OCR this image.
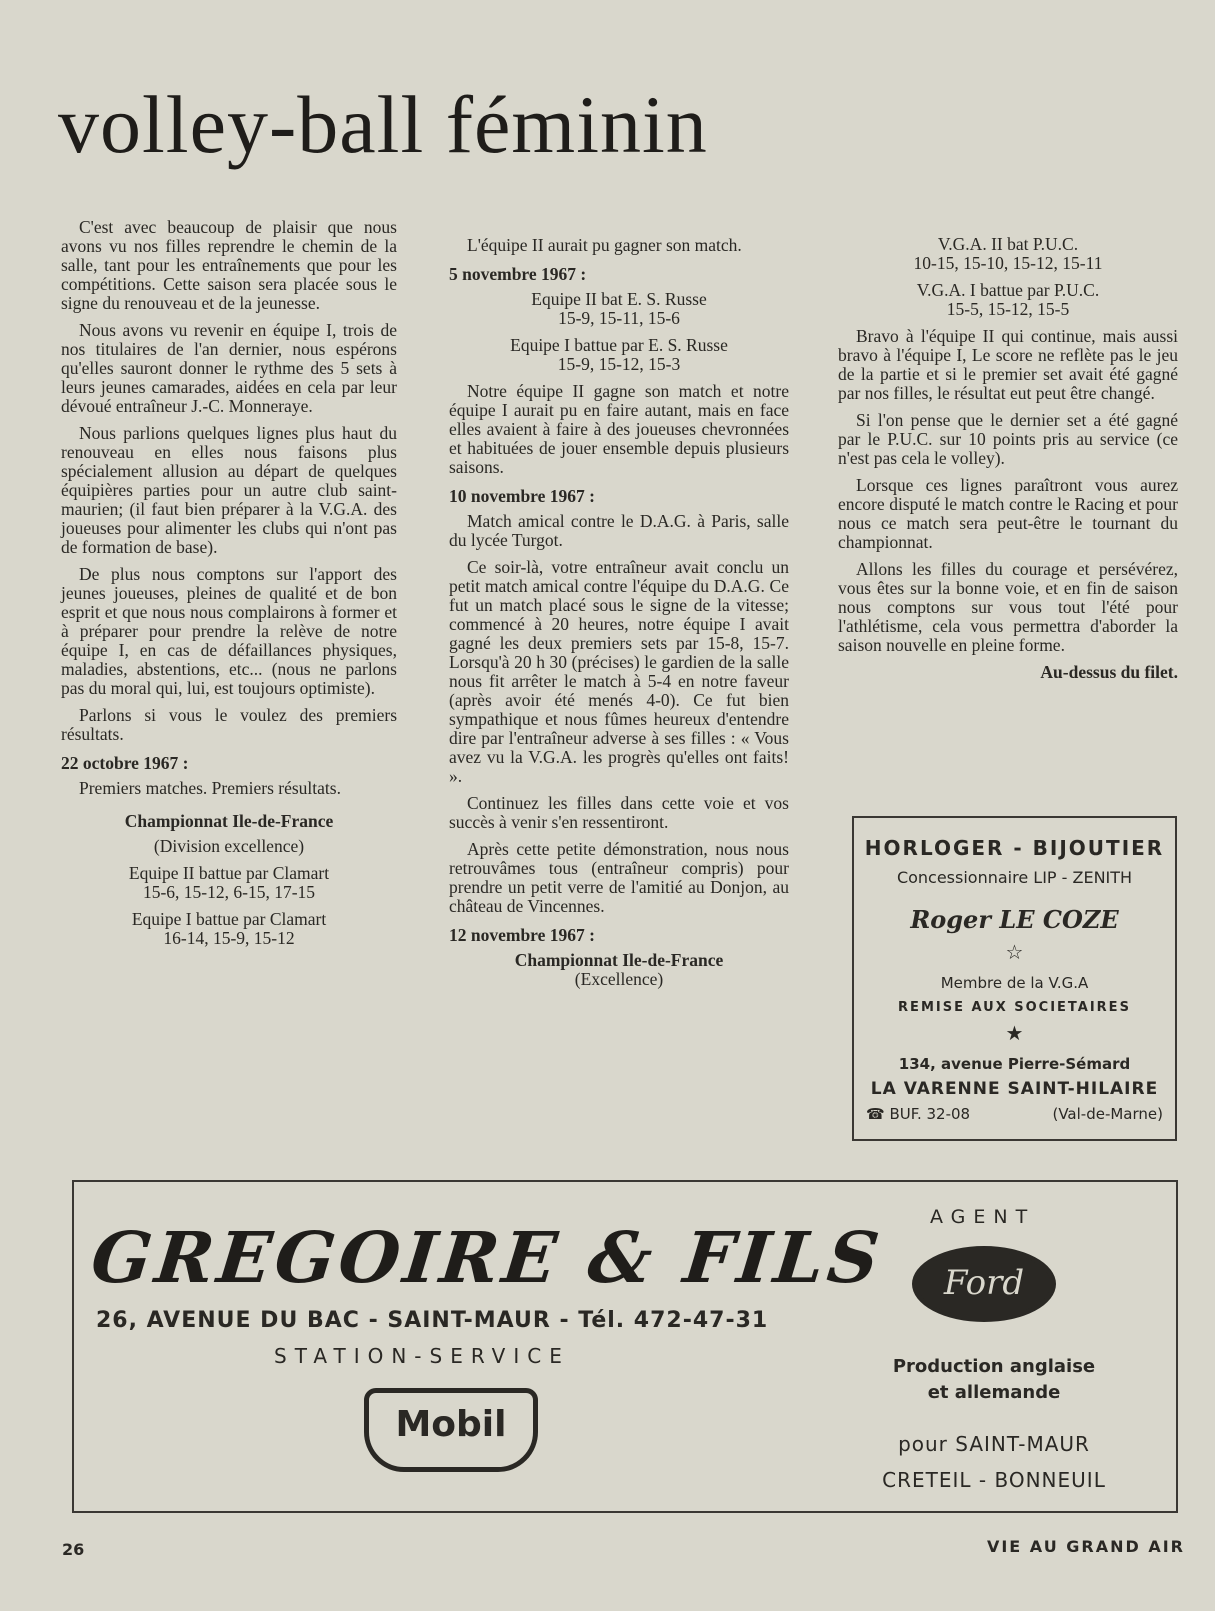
volley-ball féminin

C'est avec beaucoup de plaisir que nous avons vu nos filles reprendre le chemin de la salle, tant pour les entraînements que pour les compétitions. Cette saison sera placée sous le signe du renouveau et de la jeunesse.

Nous avons vu revenir en équipe I, trois de nos titulaires de l'an dernier, nous espérons qu'elles sauront donner le rythme des 5 sets à leurs jeunes camarades, aidées en cela par leur dévoué entraîneur J.-C. Monneraye.

Nous parlions quelques lignes plus haut du renouveau en elles nous faisons plus spécialement allusion au départ de quelques équipières parties pour un autre club saint-maurien; (il faut bien préparer à la V.G.A. des joueuses pour alimenter les clubs qui n'ont pas de formation de base).

De plus nous comptons sur l'apport des jeunes joueuses, pleines de qualité et de bon esprit et que nous nous complairons à former et à préparer pour prendre la relève de notre équipe I, en cas de défaillances physiques, maladies, abstentions, etc... (nous ne parlons pas du moral qui, lui, est toujours optimiste).

Parlons si vous le voulez des premiers résultats.

22 octobre 1967 :

Premiers matches. Premiers résultats.

Championnat Ile-de-France

(Division excellence)

Equipe II battue par Clamart

15-6, 15-12, 6-15, 17-15

Equipe I battue par Clamart

16-14, 15-9, 15-12

L'équipe II aurait pu gagner son match.

5 novembre 1967 :

Equipe II bat E. S. Russe

15-9, 15-11, 15-6

Equipe I battue par E. S. Russe

15-9, 15-12, 15-3

Notre équipe II gagne son match et notre équipe I aurait pu en faire autant, mais en face elles avaient à faire à des joueuses chevronnées et habituées de jouer ensemble depuis plusieurs saisons.

10 novembre 1967 :

Match amical contre le D.A.G. à Paris, salle du lycée Turgot.

Ce soir-là, votre entraîneur avait conclu un petit match amical contre l'équipe du D.A.G. Ce fut un match placé sous le signe de la vitesse; commencé à 20 heures, notre équipe I avait gagné les deux premiers sets par 15-8, 15-7. Lorsqu'à 20 h 30 (précises) le gardien de la salle nous fit arrêter le match à 5-4 en notre faveur (après avoir été menés 4-0). Ce fut bien sympathique et nous fûmes heureux d'entendre dire par l'entraîneur adverse à ses filles : « Vous avez vu la V.G.A. les progrès qu'elles ont faits! ».

Continuez les filles dans cette voie et vos succès à venir s'en ressentiront.

Après cette petite démonstration, nous nous retrouvâmes tous (entraîneur compris) pour prendre un petit verre de l'amitié au Donjon, au château de Vincennes.

12 novembre 1967 :

Championnat Ile-de-France

(Excellence)

V.G.A. II bat P.U.C.

10-15, 15-10, 15-12, 15-11

V.G.A. I battue par P.U.C.

15-5, 15-12, 15-5

Bravo à l'équipe II qui continue, mais aussi bravo à l'équipe I, Le score ne reflète pas le jeu de la partie et si le premier set avait été gagné par nos filles, le résultat eut peut être changé.

Si l'on pense que le dernier set a été gagné par le P.U.C. sur 10 points pris au service (ce n'est pas cela le volley).

Lorsque ces lignes paraîtront vous aurez encore disputé le match contre le Racing et pour nous ce match sera peut-être le tournant du championnat.

Allons les filles du courage et persévérez, vous êtes sur la bonne voie, et en fin de saison nous comptons sur vous tout l'été pour l'athlétisme, cela vous permettra d'aborder la saison nouvelle en pleine forme.

Au-dessus du filet.

HORLOGER - BIJOUTIER
Concessionnaire LIP - ZENITH
Roger LE COZE
☆
Membre de la V.G.A
REMISE AUX SOCIETAIRES
★
134, avenue Pierre-Sémard
LA VARENNE SAINT-HILAIRE
☎ BUF. 32-08	(Val-de-Marne)
GREGOIRE & FILS
26, AVENUE DU BAC - SAINT-MAUR - Tél. 472-47-31
STATION-SERVICE
Mobil
AGENT
Ford
Production anglaise
et allemande
pour SAINT-MAUR
CRETEIL - BONNEUIL
26	VIE AU GRAND AIR
